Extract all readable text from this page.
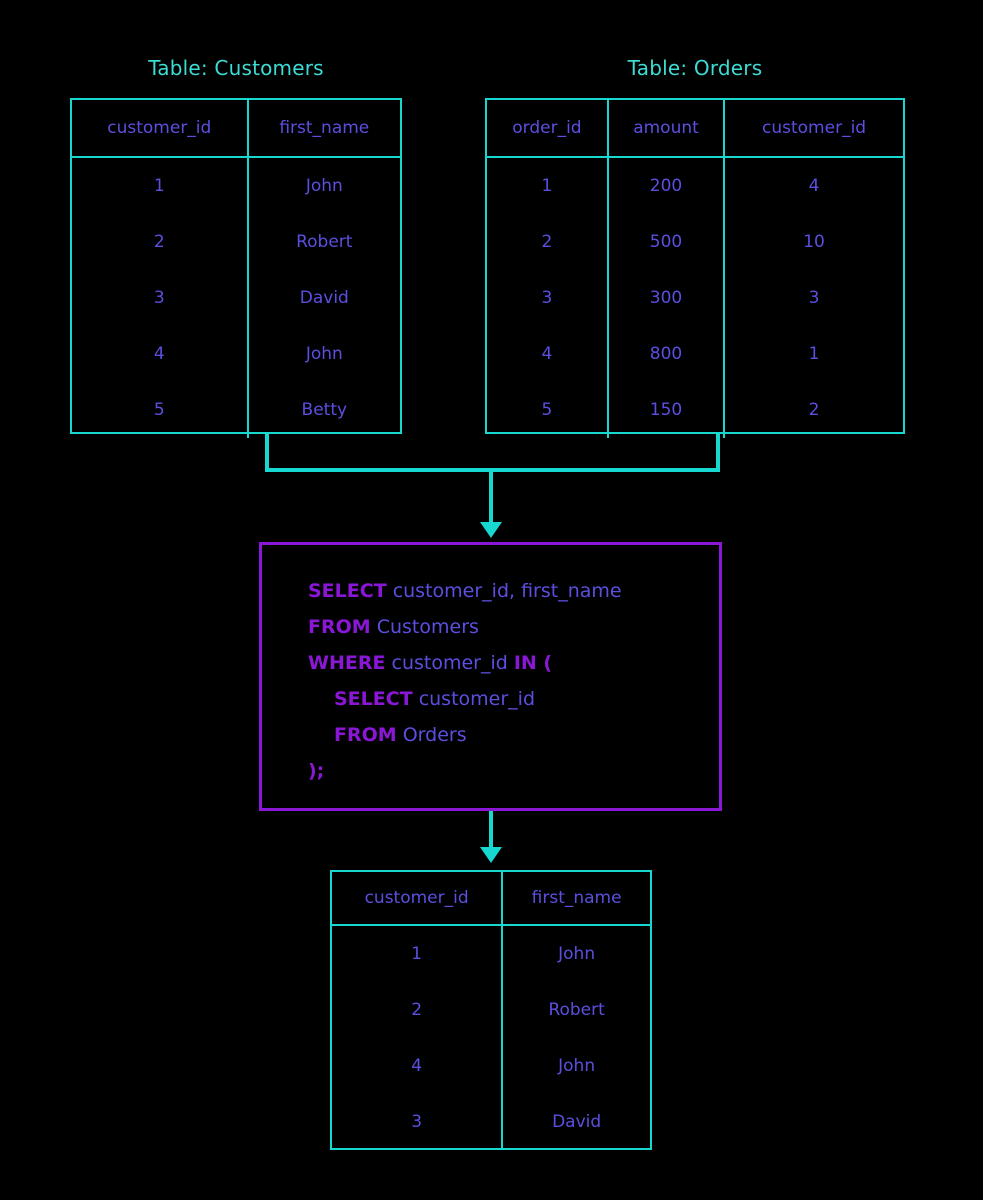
Table: Customers	Table: Orders
customer_id	first_name
1	John
2	Robert
3	David
4	John
5	Betty
order_id	amount	customer_id
1	200	4
2	500	10
3	300	3
4	800	1
5	150	2
SELECT customer_id, first_name
FROM Customers
WHERE customer_id IN (
SELECT customer_id
FROM Orders
);
customer_id	first_name
1	John
2	Robert
4	John
3	David
